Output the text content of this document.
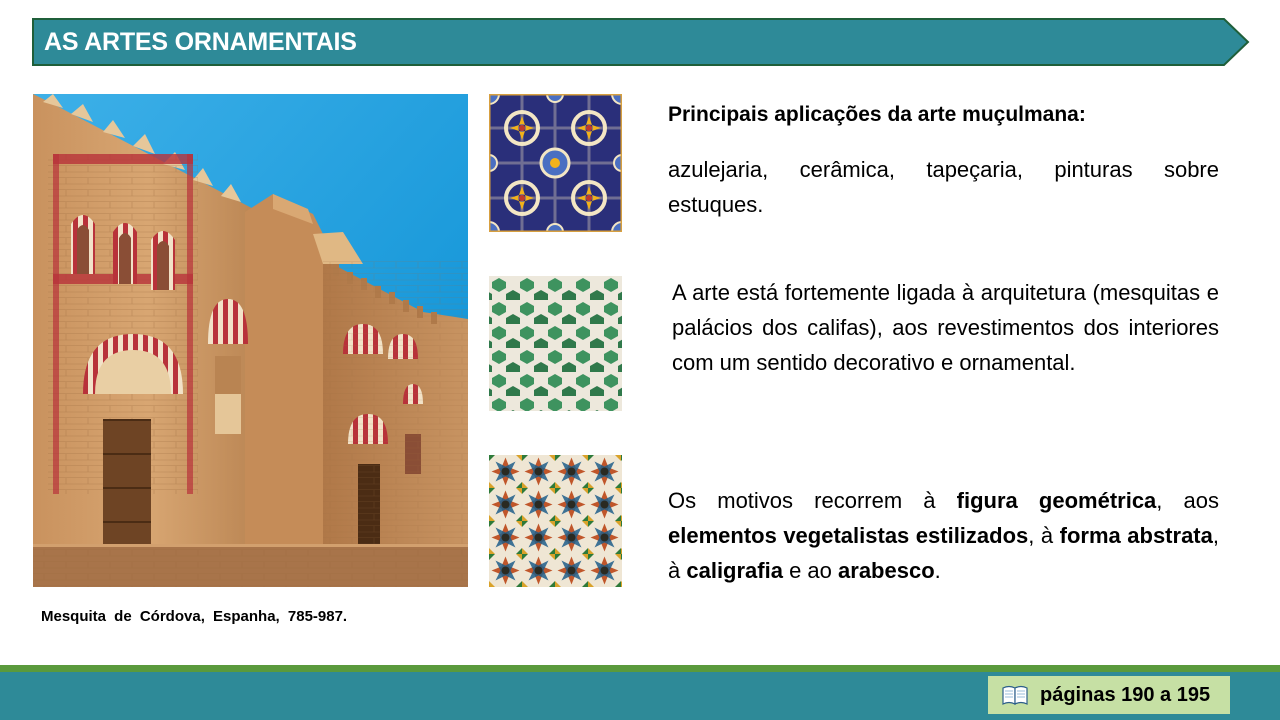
AS ARTES ORNAMENTAIS
Mesquita de Córdova, Espanha, 785-987.
Principais aplicações da arte muçulmana:
azulejaria, cerâmica, tapeçaria, pinturas sobre estuques.
A arte está fortemente ligada à arquitetura (mesquitas e palácios dos califas), aos revestimentos dos interiores com um sentido decorativo e ornamental.
Os motivos recorrem à figura geométrica, aos elementos vegetalistas estilizados, à forma abstrata, à caligrafia e ao arabesco.
páginas 190 a 195
